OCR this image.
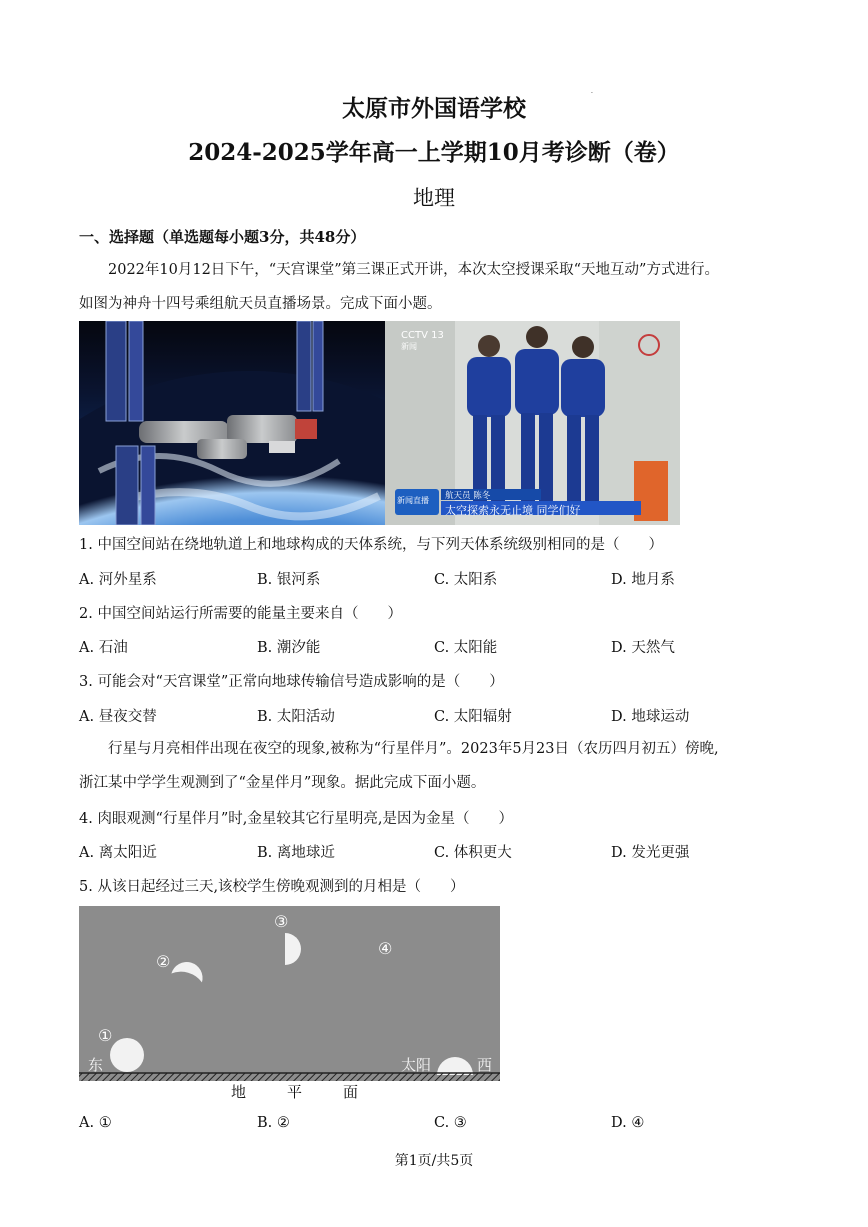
·
太原市外国语学校
2024-2025学年高一上学期10月考诊断（卷）
地理
一、选择题（单选题每小题3分，共48分）
2022年10月12日下午，“天宫课堂”第三课正式开讲，本次太空授课采取“天地互动”方式进行。
如图为神舟十四号乘组航天员直播场景。完成下面小题。
CCTV 13
新闻
新闻直播 航天员 陈冬
太空探索永无止境 同学们好
1. 中国空间站在绕地轨道上和地球构成的天体系统，与下列天体系统级别相同的是（　　）
A. 河外星系	B. 银河系	C. 太阳系	D. 地月系
2. 中国空间站运行所需要的能量主要来自（　　）
A. 石油	B. 潮汐能	C. 太阳能	D. 天然气
3. 可能会对“天宫课堂”正常向地球传输信号造成影响的是（　　）
A. 昼夜交替	B. 太阳活动	C. 太阳辐射	D. 地球运动
行星与月亮相伴出现在夜空的现象,被称为“行星伴月”。2023年5月23日（农历四月初五）傍晚,
浙江某中学学生观测到了“金星伴月”现象。据此完成下面小题。
4. 肉眼观测“行星伴月”时,金星较其它行星明亮,是因为金星（　　）
A. 离太阳近	B. 离地球近	C. 体积更大	D. 发光更强
5. 从该日起经过三天,该校学生傍晚观测到的月相是（　　）
①
②
③
④
东	太阳	西
地	平	面
A. ①	B. ②	C. ③	D. ④
第1页/共5页
